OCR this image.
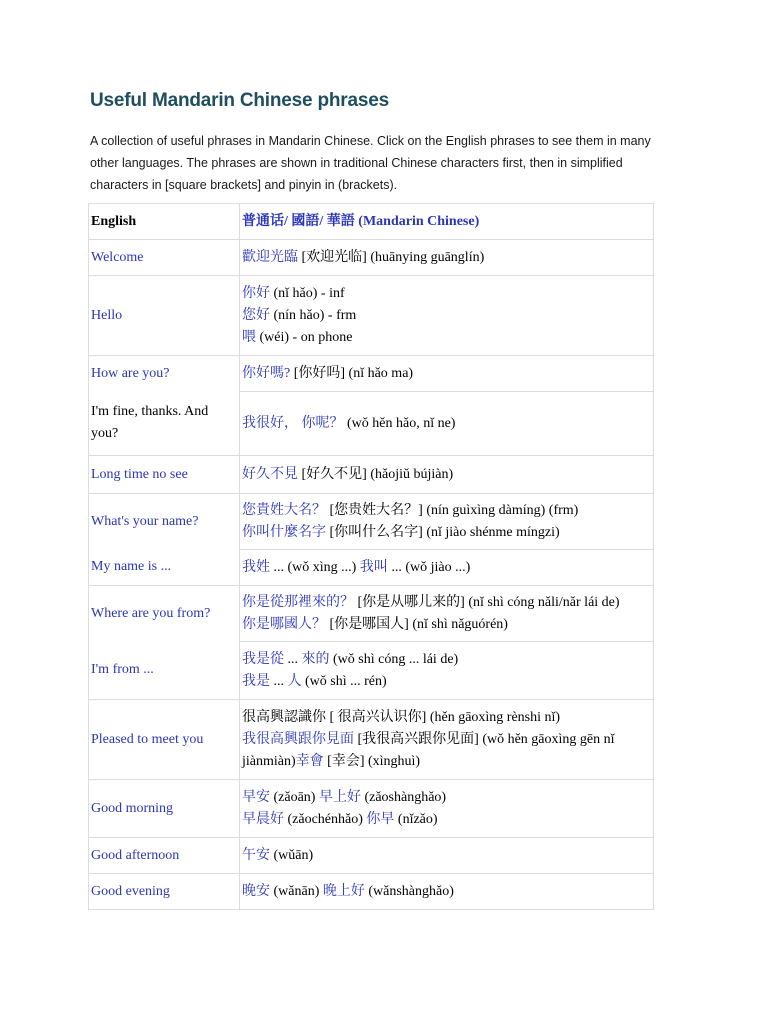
Useful Mandarin Chinese phrases

A collection of useful phrases in Mandarin Chinese. Click on the English phrases to see them in many other languages. The phrases are shown in traditional Chinese characters first, then in simplified characters in [square brackets] and pinyin in (brackets).

English	普通话/ 國語/ 華語 (Mandarin Chinese)
Welcome	歡迎光臨 [欢迎光临] (huānying guānglín)
Hello	你好 (nǐ hǎo) - inf
您好 (nín hǎo) - frm
喂 (wéi) - on phone

How are you?	你好嗎? [你好吗] (nǐ hǎo ma)
I'm fine, thanks. And you?	我很好， 你呢？ (wǒ hěn hǎo, nǐ ne)
Long time no see	好久不見 [好久不见] (hǎojiǔ bújiàn)
What's your name?	您貴姓大名？ [您贵姓大名？] (nín guìxìng dàmíng) (frm)
你叫什麼名字 [你叫什么名字] (nǐ jiào shénme míngzi)

My name is ...	我姓 ... (wǒ xìng ...) 我叫 ... (wǒ jiào ...)
Where are you from?	你是從那裡來的？ [你是从哪儿来的] (nǐ shì cóng nǎli/nǎr lái de)
你是哪國人？ [你是哪国人] (nǐ shì nǎguórén)

I'm from ...	我是從 ... 來的 (wǒ shì cóng ... lái de)
我是 ... 人 (wǒ shì ... rén)

Pleased to meet you	很高興認識你 [ 很高兴认识你] (hěn gāoxìng rènshi nǐ)
我很高興跟你見面 [我很高兴跟你见面] (wǒ hěn gāoxìng gēn nǐ jiànmiàn)幸會 [幸会] (xìnghuì)

Good morning	早安 (zǎoān) 早上好 (zǎoshànghǎo)
早晨好 (zǎochénhǎo) 你早 (nǐzǎo)

Good afternoon	午安 (wǔān)
Good evening	晚安 (wǎnān) 晚上好 (wǎnshànghǎo)
